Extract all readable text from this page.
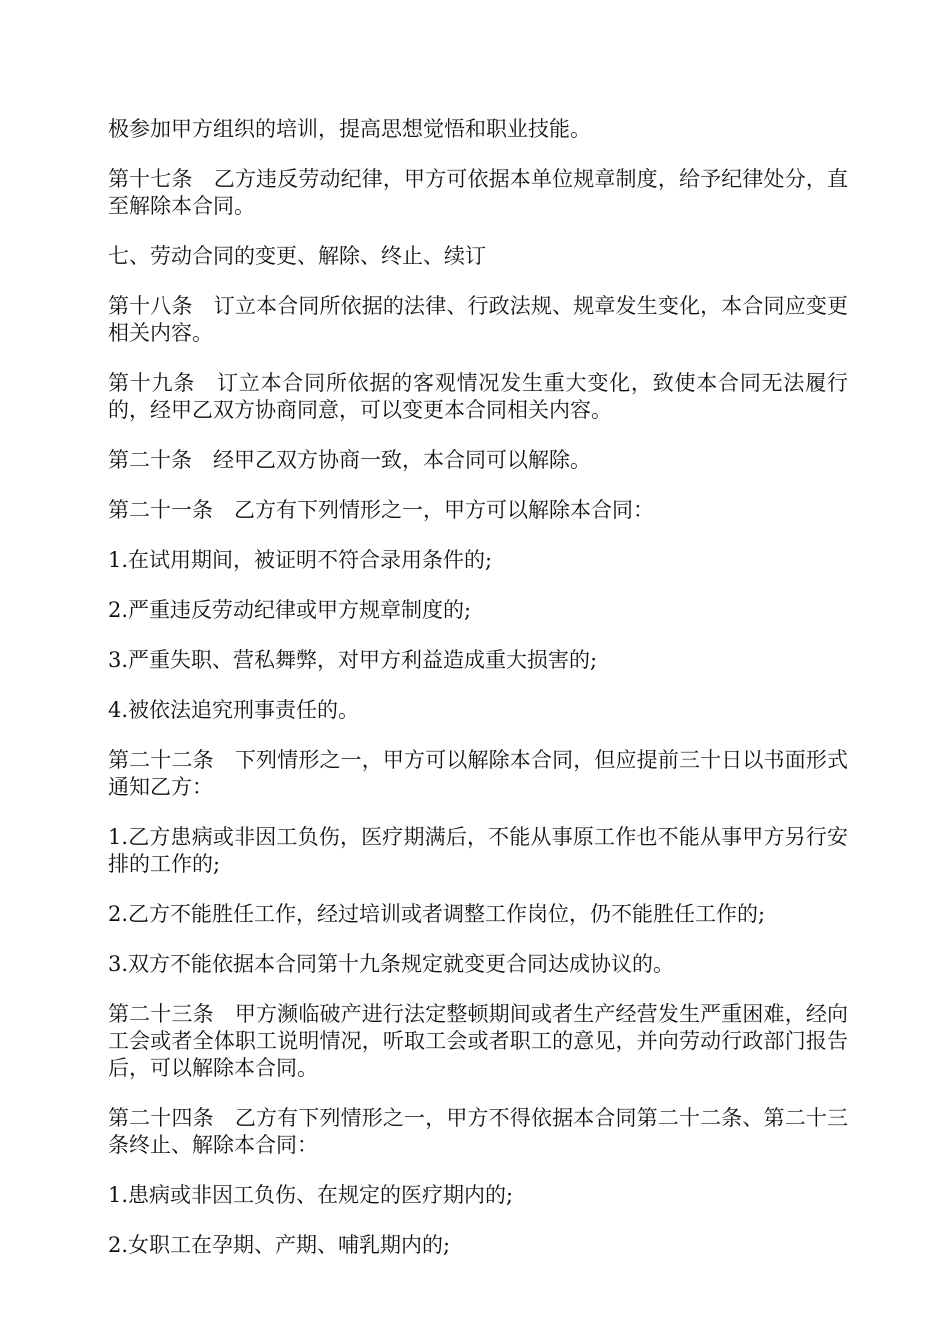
极参加甲方组织的培训，提高思想觉悟和职业技能。

第十七条　乙方违反劳动纪律，甲方可依据本单位规章制度，给予纪律处分，直至解除本合同。

七、劳动合同的变更、解除、终止、续订

第十八条　订立本合同所依据的法律、行政法规、规章发生变化，本合同应变更相关内容。

第十九条　订立本合同所依据的客观情况发生重大变化，致使本合同无法履行的，经甲乙双方协商同意，可以变更本合同相关内容。

第二十条　经甲乙双方协商一致，本合同可以解除。

第二十一条　乙方有下列情形之一，甲方可以解除本合同：

1.在试用期间，被证明不符合录用条件的;

2.严重违反劳动纪律或甲方规章制度的;

3.严重失职、营私舞弊，对甲方利益造成重大损害的;

4.被依法追究刑事责任的。

第二十二条　下列情形之一，甲方可以解除本合同，但应提前三十日以书面形式通知乙方：

1.乙方患病或非因工负伤，医疗期满后，不能从事原工作也不能从事甲方另行安排的工作的;

2.乙方不能胜任工作，经过培训或者调整工作岗位，仍不能胜任工作的;

3.双方不能依据本合同第十九条规定就变更合同达成协议的。

第二十三条　甲方濒临破产进行法定整顿期间或者生产经营发生严重困难，经向工会或者全体职工说明情况，听取工会或者职工的意见，并向劳动行政部门报告后，可以解除本合同。

第二十四条　乙方有下列情形之一，甲方不得依据本合同第二十二条、第二十三条终止、解除本合同：

1.患病或非因工负伤、在规定的医疗期内的;

2.女职工在孕期、产期、哺乳期内的;
